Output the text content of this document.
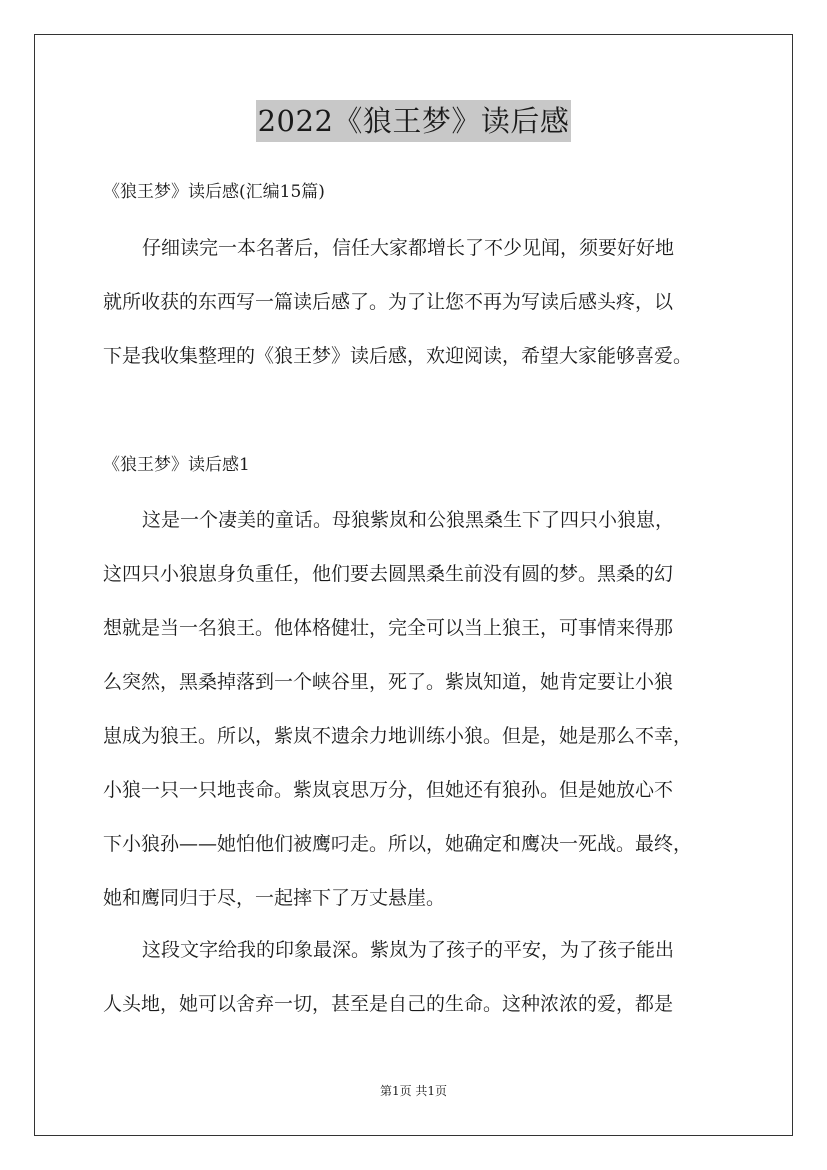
2022《狼王梦》读后感
《狼王梦》读后感(汇编15篇)

仔细读完一本名著后，信任大家都增长了不少见闻，须要好好地
就所收获的东西写一篇读后感了。为了让您不再为写读后感头疼，以
下是我收集整理的《狼王梦》读后感，欢迎阅读，希望大家能够喜爱。

《狼王梦》读后感1

这是一个凄美的童话。母狼紫岚和公狼黑桑生下了四只小狼崽，
这四只小狼崽身负重任，他们要去圆黑桑生前没有圆的梦。黑桑的幻
想就是当一名狼王。他体格健壮，完全可以当上狼王，可事情来得那
么突然，黑桑掉落到一个峡谷里，死了。紫岚知道，她肯定要让小狼
崽成为狼王。所以，紫岚不遗余力地训练小狼。但是，她是那么不幸，
小狼一只一只地丧命。紫岚哀思万分，但她还有狼孙。但是她放心不
下小狼孙——她怕他们被鹰叼走。所以，她确定和鹰决一死战。最终，
她和鹰同归于尽，一起摔下了万丈悬崖。

这段文字给我的印象最深。紫岚为了孩子的平安，为了孩子能出
人头地，她可以舍弃一切，甚至是自己的生命。这种浓浓的爱，都是

第1页 共1页
